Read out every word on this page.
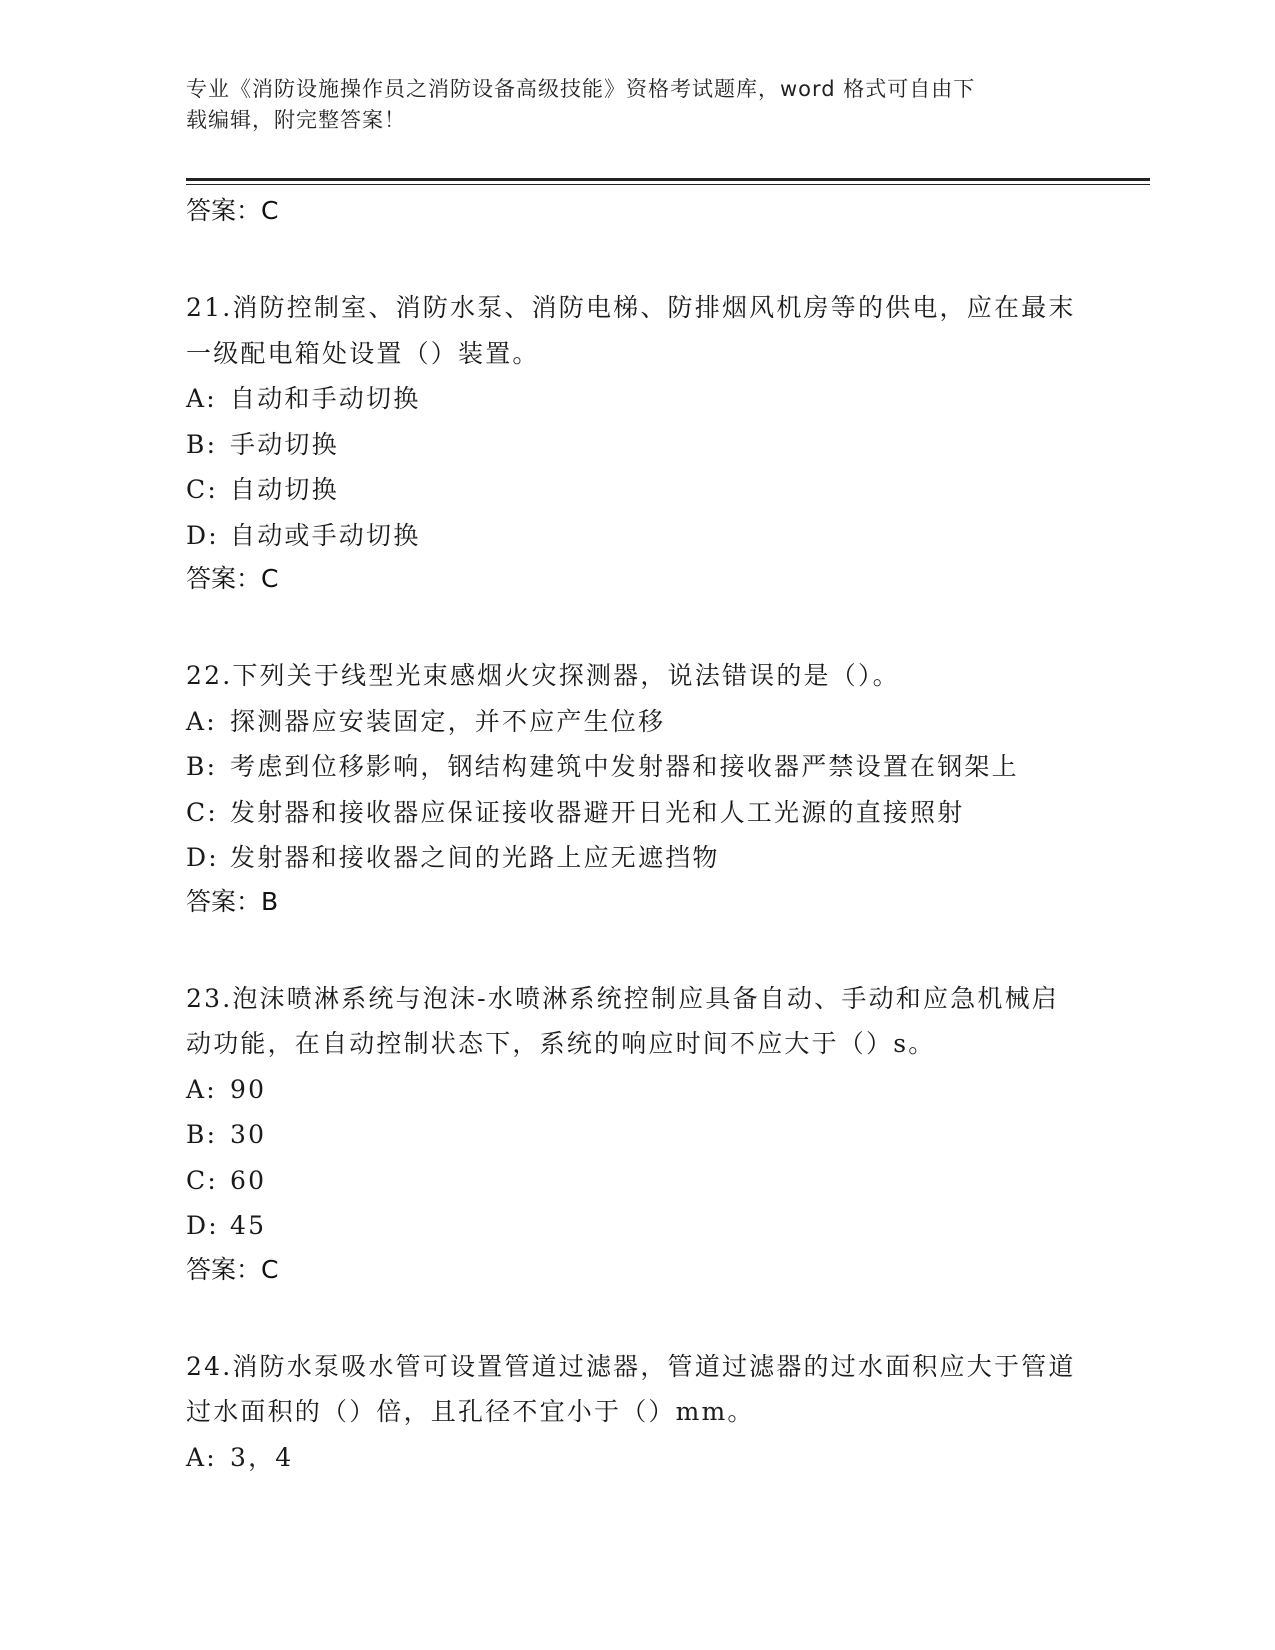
专业《消防设施操作员之消防设备高级技能》资格考试题库，word 格式可自由下
载编辑，附完整答案！
答案：C

21.消防控制室、消防水泵、消防电梯、防排烟风机房等的供电，应在最末一级配电箱处设置（）装置。

A: 自动和手动切换

B: 手动切换

C: 自动切换

D: 自动或手动切换

答案：C

22.下列关于线型光束感烟火灾探测器，说法错误的是（）。

A: 探测器应安装固定，并不应产生位移

B: 考虑到位移影响，钢结构建筑中发射器和接收器严禁设置在钢架上

C: 发射器和接收器应保证接收器避开日光和人工光源的直接照射

D: 发射器和接收器之间的光路上应无遮挡物

答案：B

23.泡沫喷淋系统与泡沫-水喷淋系统控制应具备自动、手动和应急机械启动功能，在自动控制状态下，系统的响应时间不应大于（）s。

A: 90

B: 30

C: 60

D: 45

答案：C

24.消防水泵吸水管可设置管道过滤器，管道过滤器的过水面积应大于管道过水面积的（）倍，且孔径不宜小于（）mm。

A: 3，4
